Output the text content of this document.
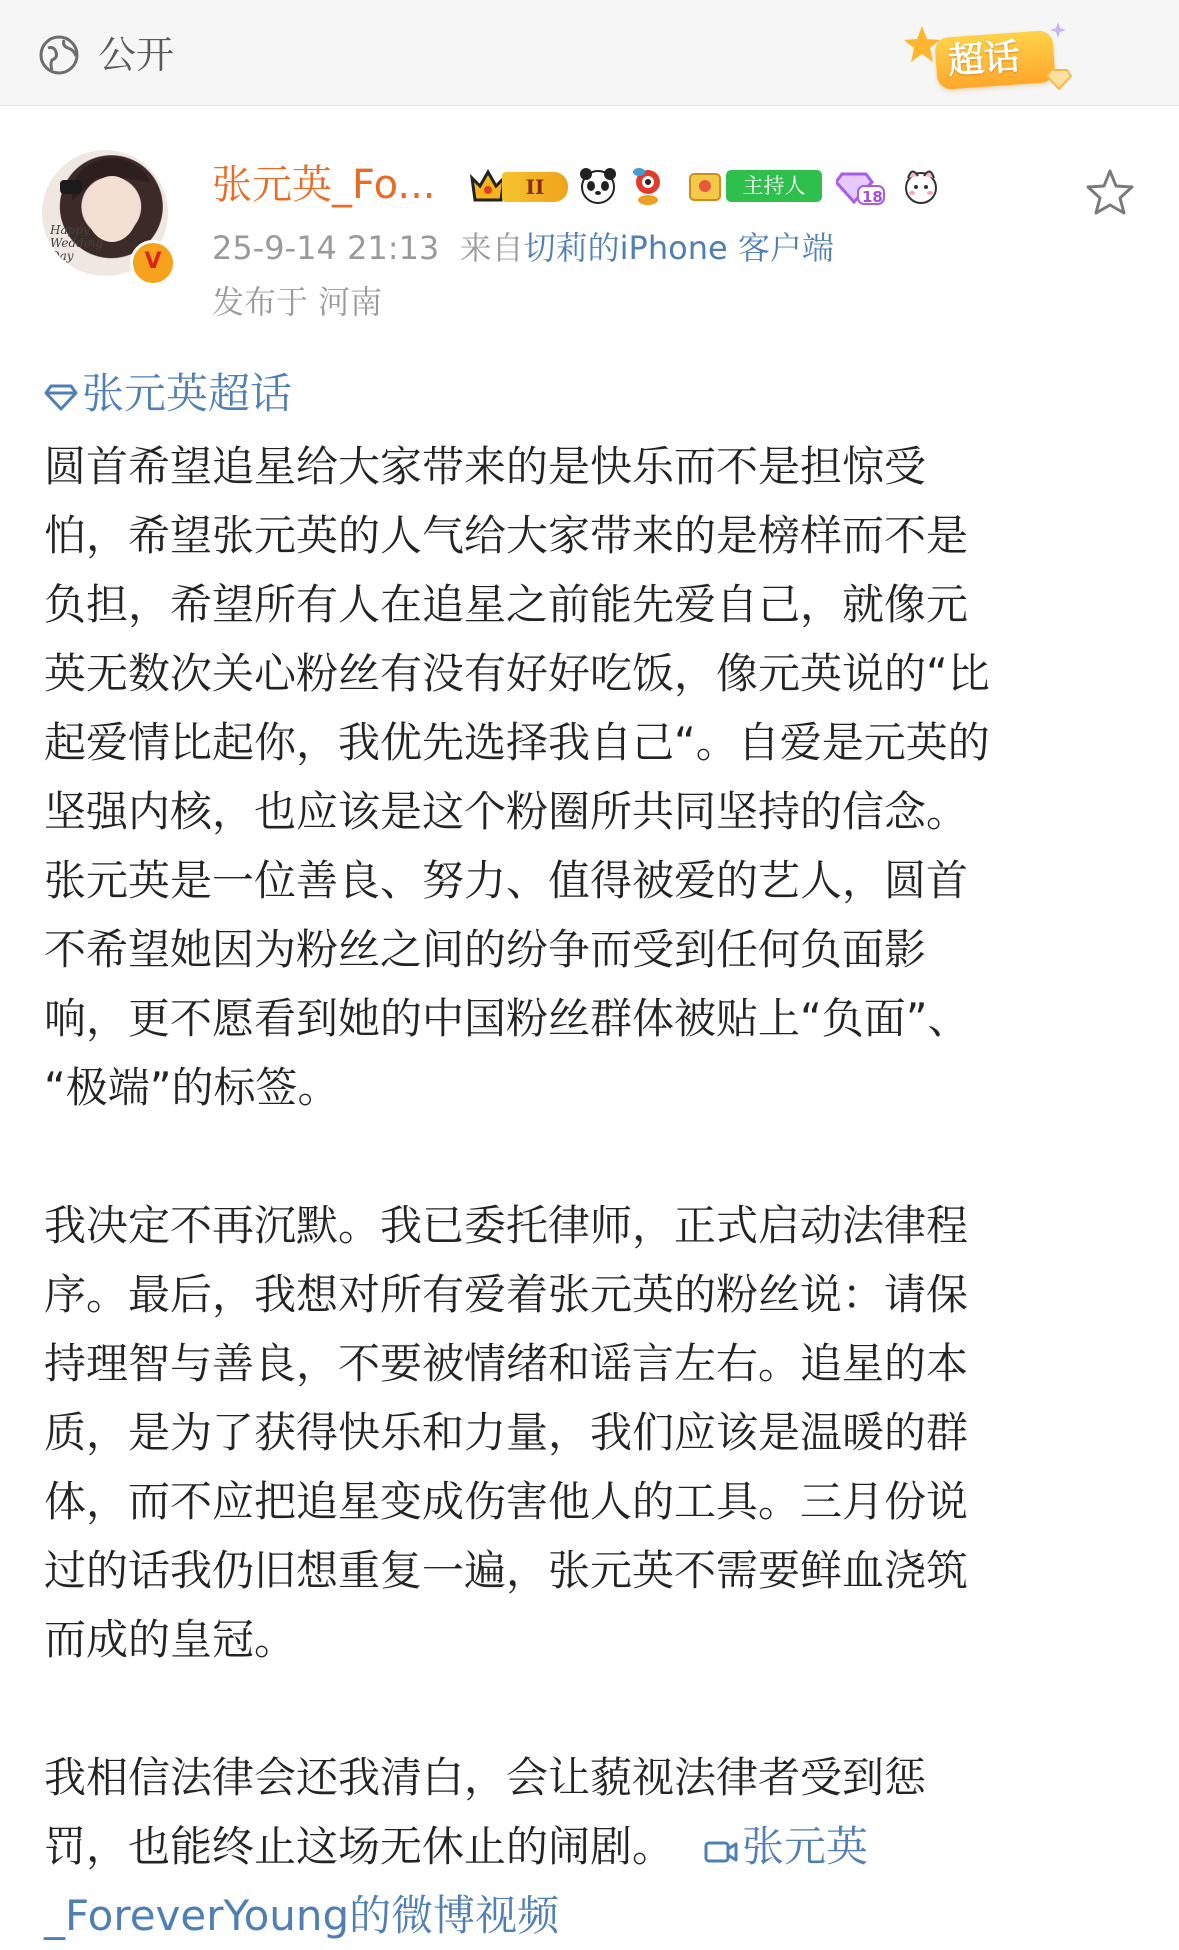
公开	超话
Happy
Wedding
Day	V
张元英_Fo...	II	主持人	18
25-9-14 21:13 来自切莉的iPhone 客户端
发布于 河南
张元英超话

圆首希望追星给大家带来的是快乐而不是担惊受
怕，希望张元英的人气给大家带来的是榜样而不是
负担，希望所有人在追星之前能先爱自己，就像元
英无数次关心粉丝有没有好好吃饭，像元英说的“比
起爱情比起你，我优先选择我自己“。自爱是元英的
坚强内核，也应该是这个粉圈所共同坚持的信念。
张元英是一位善良、努力、值得被爱的艺人，圆首
不希望她因为粉丝之间的纷争而受到任何负面影
响，更不愿看到她的中国粉丝群体被贴上“负面”、
“极端”的标签。

我决定不再沉默。我已委托律师，正式启动法律程
序。最后，我想对所有爱着张元英的粉丝说：请保
持理智与善良，不要被情绪和谣言左右。追星的本
质，是为了获得快乐和力量，我们应该是温暖的群
体，而不应把追星变成伤害他人的工具。三月份说
过的话我仍旧想重复一遍，张元英不需要鲜血浇筑
而成的皇冠。

我相信法律会还我清白，会让藐视法律者受到惩
罚，也能终止这场无休止的闹剧。 张元英
_ForeverYoung的微博视频
